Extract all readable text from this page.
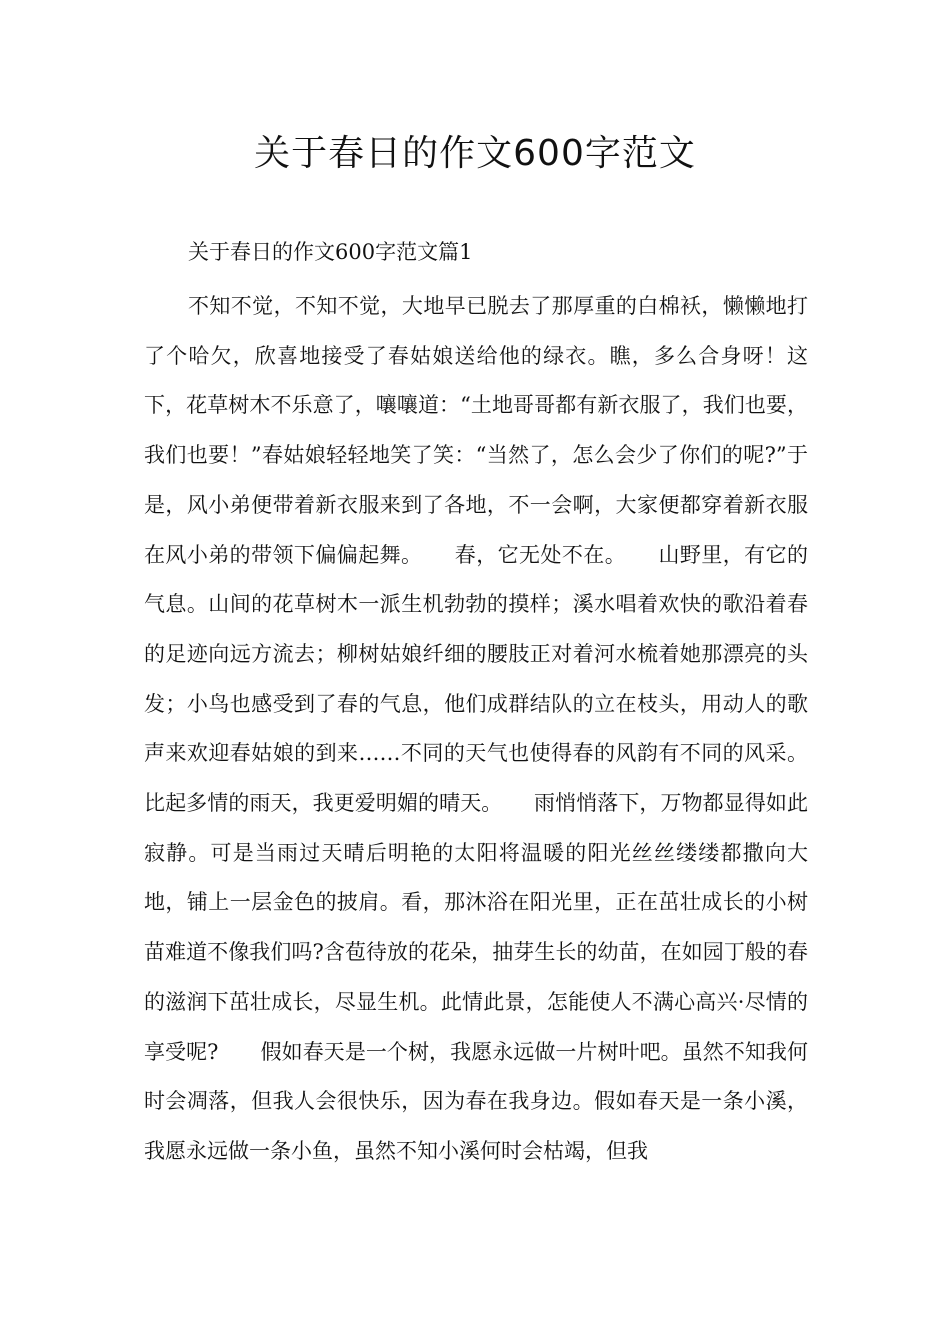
关于春日的作文600字范文

关于春日的作文600字范文篇1

不知不觉，不知不觉，大地早已脱去了那厚重的白棉袄，懒懒地打了个哈欠，欣喜地接受了春姑娘送给他的绿衣。瞧，多么合身呀！这下，花草树木不乐意了，嚷嚷道：“土地哥哥都有新衣服了，我们也要，我们也要！”春姑娘轻轻地笑了笑：“当然了，怎么会少了你们的呢?”于是，风小弟便带着新衣服来到了各地，不一会啊，大家便都穿着新衣服在风小弟的带领下偏偏起舞。　　春，它无处不在。　　山野里，有它的气息。山间的花草树木一派生机勃勃的摸样；溪水唱着欢快的歌沿着春的足迹向远方流去；柳树姑娘纤细的腰肢正对着河水梳着她那漂亮的头发；小鸟也感受到了春的气息，他们成群结队的立在枝头，用动人的歌声来欢迎春姑娘的到来……不同的天气也使得春的风韵有不同的风采。比起多情的雨天，我更爱明媚的晴天。　　雨悄悄落下，万物都显得如此寂静。可是当雨过天晴后明艳的太阳将温暖的阳光丝丝缕缕都撒向大地，铺上一层金色的披肩。看，那沐浴在阳光里，正在茁壮成长的小树苗难道不像我们吗?含苞待放的花朵，抽芽生长的幼苗，在如园丁般的春的滋润下茁壮成长，尽显生机。此情此景，怎能使人不满心高兴·尽情的享受呢?　　假如春天是一个树，我愿永远做一片树叶吧。虽然不知我何时会凋落，但我人会很快乐，因为春在我身边。假如春天是一条小溪，我愿永远做一条小鱼，虽然不知小溪何时会枯竭，但我
